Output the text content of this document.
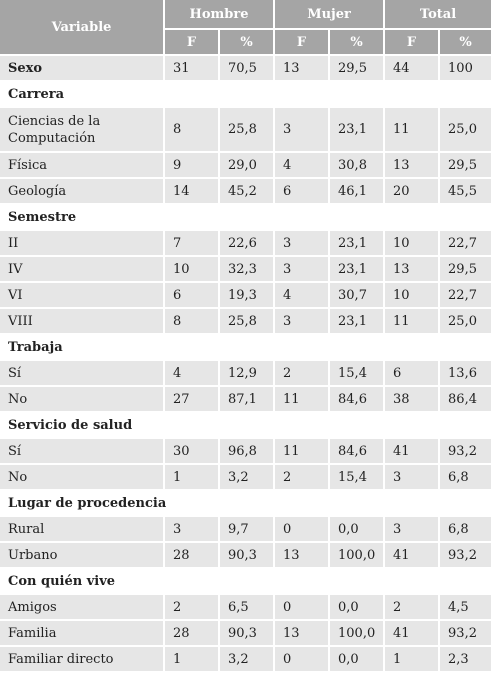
Variable	Hombre		Mujer		Total	
	F	%	F	%	F	%
Sexo	31	70,5	13	29,5	44	100
Carrera						
Ciencias de la Computación	8	25,8	3	23,1	11	25,0
Física	9	29,0	4	30,8	13	29,5
Geología	14	45,2	6	46,1	20	45,5
Semestre						
II	7	22,6	3	23,1	10	22,7
IV	10	32,3	3	23,1	13	29,5
VI	6	19,3	4	30,7	10	22,7
VIII	8	25,8	3	23,1	11	25,0
Trabaja						
Sí	4	12,9	2	15,4	6	13,6
No	27	87,1	11	84,6	38	86,4
Servicio de salud						
Sí	30	96,8	11	84,6	41	93,2
No	1	3,2	2	15,4	3	6,8
Lugar de procedencia						
Rural	3	9,7	0	0,0	3	6,8
Urbano	28	90,3	13	100,0	41	93,2
Con quién vive						
Amigos	2	6,5	0	0,0	2	4,5
Familia	28	90,3	13	100,0	41	93,2
Familiar directo	1	3,2	0	0,0	1	2,3
